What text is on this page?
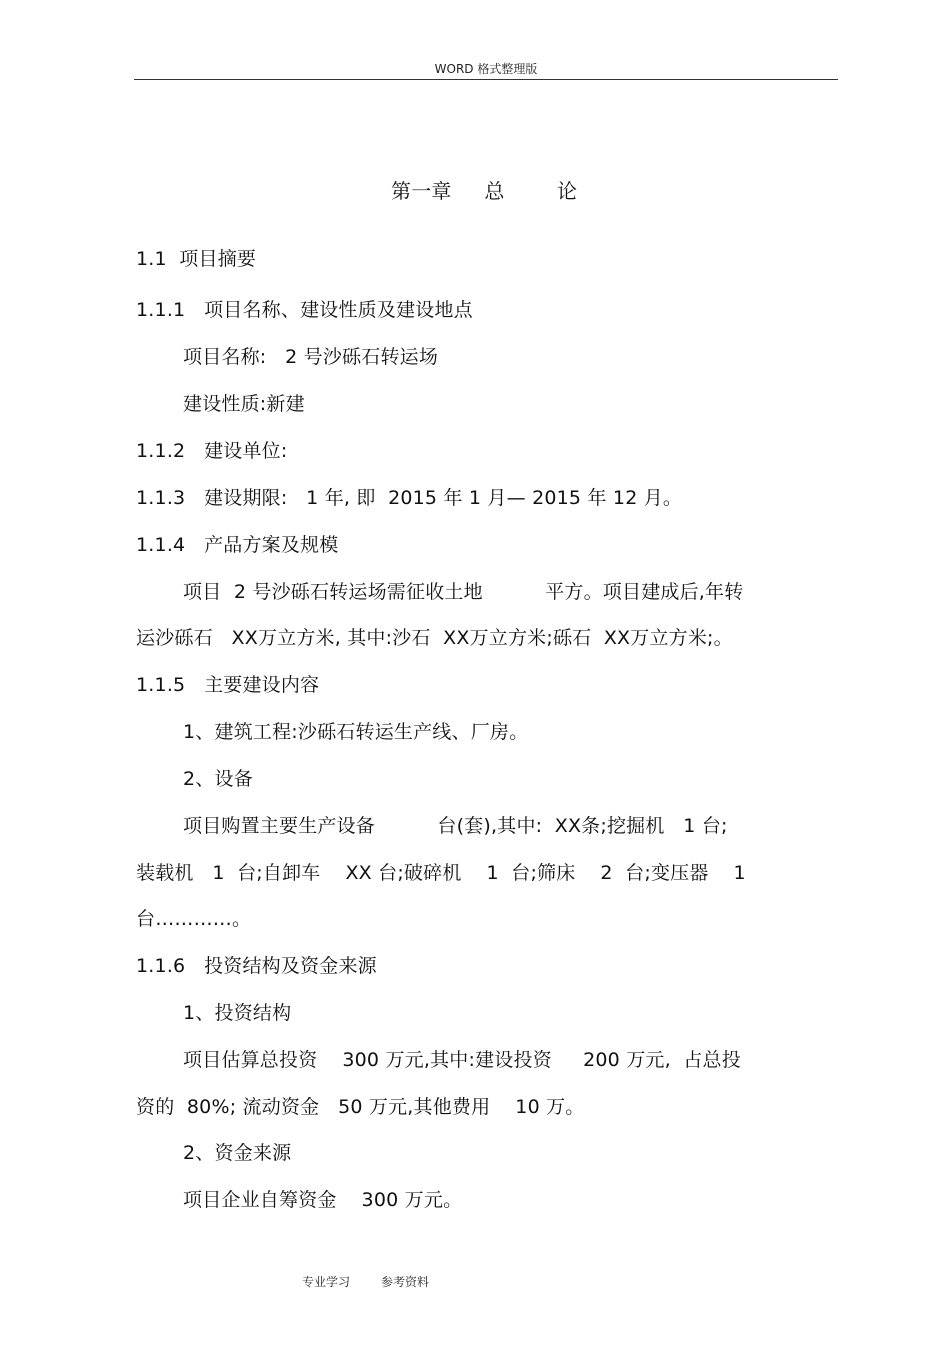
WORD 格式整理版
第一章     总        论
1.1  项目摘要
1.1.1   项目名称、建设性质及建设地点
项目名称:   2 号沙砾石转运场
建设性质:新建
1.1.2   建设单位:
1.1.3   建设期限:   1 年, 即  2015 年 1 月— 2015 年 12 月。
1.1.4   产品方案及规模
项目  2 号沙砾石转运场需征收土地          平方。项目建成后,年转
运沙砾石   XX万立方米, 其中:沙石  XX万立方米;砾石  XX万立方米;。
1.1.5   主要建设内容
1、建筑工程:沙砾石转运生产线、厂房。
2、设备
项目购置主要生产设备          台(套),其中:  XX条;挖掘机   1 台;
装载机   1  台;自卸车    XX 台;破碎机    1  台;筛床    2  台;变压器    1
台…………。
1.1.6   投资结构及资金来源
1、投资结构
项目估算总投资    300 万元,其中:建设投资     200 万元,  占总投
资的  80%; 流动资金   50 万元,其他费用    10 万。
2、资金来源
项目企业自筹资金    300 万元。
专业学习	参考资料
